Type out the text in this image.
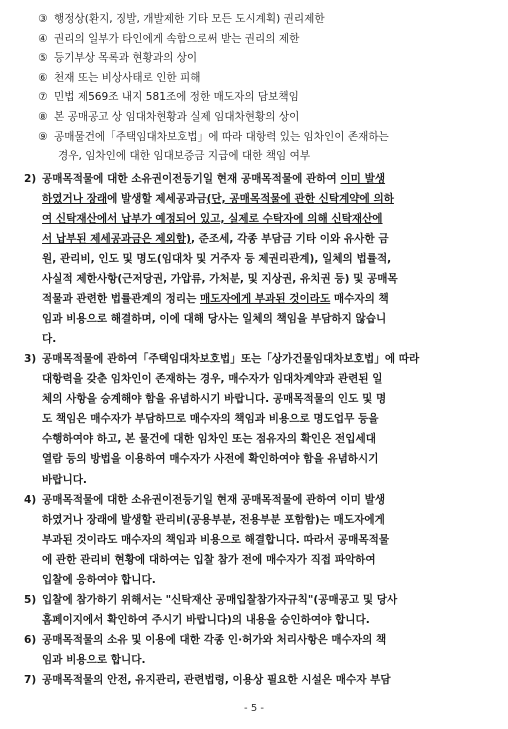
③ 행정상(환지, 징발, 개발제한 기타 모든 도시계획) 권리제한
④ 권리의 일부가 타인에게 속함으로써 받는 권리의 제한
⑤ 등기부상 목록과 현황과의 상이
⑥ 천재 또는 비상사태로 인한 피해
⑦ 민법 제569조 내지 581조에 정한 매도자의 담보책임
⑧ 본 공매공고 상 임대차현황과 실제 임대차현황의 상이
⑨ 공매물건에「주택임대차보호법」에 따라 대항력 있는 임차인이 존재하는
경우, 임차인에 대한 임대보증금 지급에 대한 책임 여부
2) 공매목적물에 대한 소유권이전등기일 현재 공매목적물에 관하여 이미 발생
하였거나 장래에 발생할 제세공과금(단, 공매목적물에 관한 신탁계약에 의하
여 신탁재산에서 납부가 예정되어 있고, 실제로 수탁자에 의해 신탁재산에
서 납부된 제세공과금은 제외함), 준조세, 각종 부담금 기타 이와 유사한 금
원, 관리비, 인도 및 명도(임대차 및 거주자 등 제권리관계), 일체의 법률적,
사실적 제한사항(근저당권, 가압류, 가처분, 및 지상권, 유치권 등) 및 공매목
적물과 관련한 법률관계의 정리는 매도자에게 부과된 것이라도 매수자의 책
임과 비용으로 해결하며, 이에 대해 당사는 일체의 책임을 부담하지 않습니
다.
3) 공매목적물에 관하여「주택임대차보호법」또는「상가건물임대차보호법」에 따라
대항력을 갖춘 임차인이 존재하는 경우, 매수자가 임대차계약과 관련된 일
체의 사항을 승계해야 함을 유념하시기 바랍니다. 공매목적물의 인도 및 명
도 책임은 매수자가 부담하므로 매수자의 책임과 비용으로 명도업무 등을
수행하여야 하고, 본 물건에 대한 임차인 또는 점유자의 확인은 전입세대
열람 등의 방법을 이용하여 매수자가 사전에 확인하여야 함을 유념하시기
바랍니다.
4) 공매목적물에 대한 소유권이전등기일 현재 공매목적물에 관하여 이미 발생
하였거나 장래에 발생할 관리비(공용부분, 전용부분 포함함)는 매도자에게
부과된 것이라도 매수자의 책임과 비용으로 해결합니다. 따라서 공매목적물
에 관한 관리비 현황에 대하여는 입찰 참가 전에 매수자가 직접 파악하여
입찰에 응하여야 합니다.
5) 입찰에 참가하기 위해서는 "신탁재산 공매입찰참가자규칙"(공매공고 및 당사
홈페이지에서 확인하여 주시기 바랍니다)의 내용을 승인하여야 합니다.
6) 공매목적물의 소유 및 이용에 대한 각종 인·허가와 처리사항은 매수자의 책
임과 비용으로 합니다.
7) 공매목적물의 안전, 유지관리, 관련법령, 이용상 필요한 시설은 매수자 부담
- 5 -
